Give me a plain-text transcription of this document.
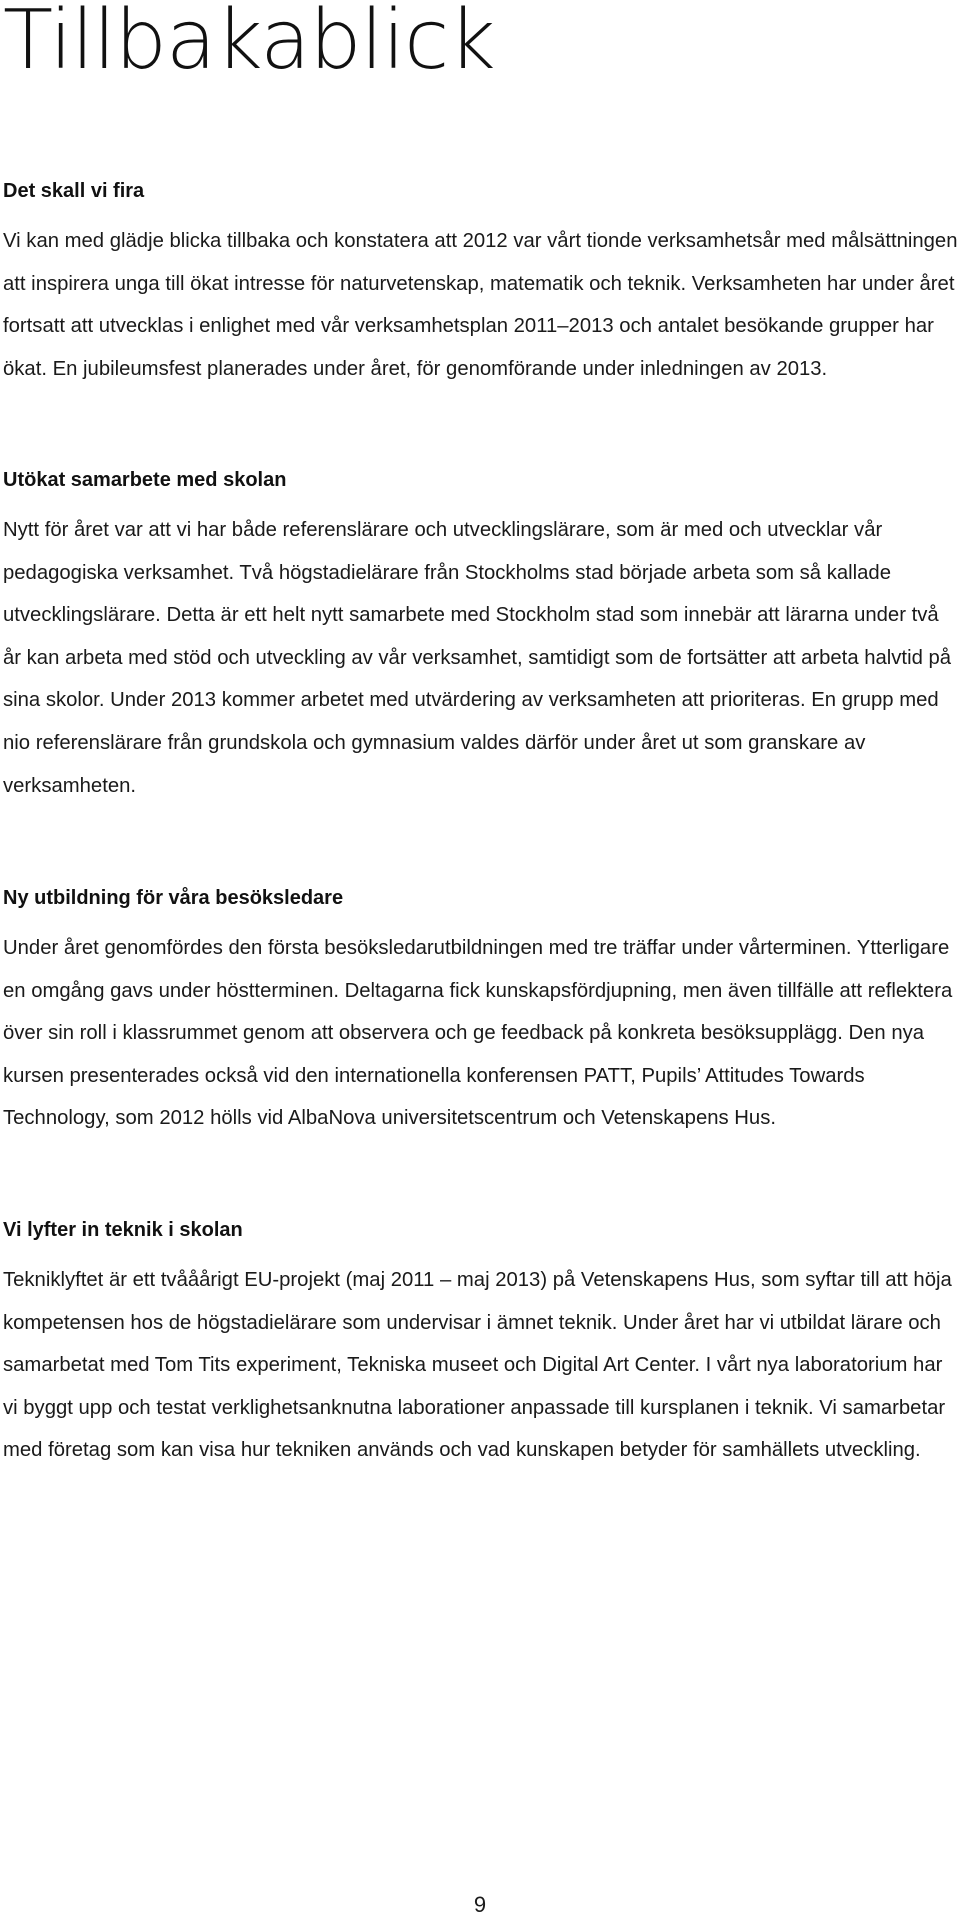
Tillbakablick
Det skall vi fira

Vi kan med glädje blicka tillbaka och konstatera att 2012 var vårt tionde verksamhetsår med målsättningen att inspirera unga till ökat intresse för naturvetenskap, matematik och teknik. Verksamheten har under året fortsatt att utvecklas i enlighet med vår verksamhetsplan 2011–2013 och antalet besökande grupper har ökat. En jubileumsfest planerades under året, för genomförande under inledningen av 2013.

Utökat samarbete med skolan

Nytt för året var att vi har både referenslärare och utvecklingslärare, som är med och utvecklar vår pedagogiska verksamhet. Två högstadielärare från Stockholms stad började arbeta som så kallade utvecklingslärare. Detta är ett helt nytt samarbete med Stockholm stad som innebär att lärarna under två år kan arbeta med stöd och utveckling av vår verksamhet, samtidigt som de fortsätter att arbeta halvtid på sina skolor. Under 2013 kommer arbetet med utvärdering av verksamheten att prioriteras. En grupp med nio referenslärare från grundskola och gymnasium valdes därför under året ut som granskare av verksamheten.

Ny utbildning för våra besöksledare

Under året genomfördes den första besöksledarutbildningen med tre träffar under vårterminen. Ytterligare en omgång gavs under höstterminen. Deltagarna fick kunskapsfördjupning, men även tillfälle att reflektera över sin roll i klassrummet genom att observera och ge feedback på konkreta besöksupplägg. Den nya kursen presenterades också vid den internationella konferensen PATT, Pupils’ Attitudes Towards Technology, som 2012 hölls vid AlbaNova universitetscentrum och Vetenskapens Hus.

Vi lyfter in teknik i skolan

Tekniklyftet är ett tvååårigt EU-projekt (maj 2011 – maj 2013) på Vetenskapens Hus, som syftar till att höja kompetensen hos de högstadielärare som undervisar i ämnet teknik. Under året har vi utbildat lärare och samarbetat med Tom Tits experiment, Tekniska museet och Digital Art Center. I vårt nya laboratorium har vi byggt upp och testat verklighetsanknutna laborationer anpassade till kursplanen i teknik. Vi samarbetar med företag som kan visa hur tekniken används och vad kunskapen betyder för samhällets utveckling.

9
